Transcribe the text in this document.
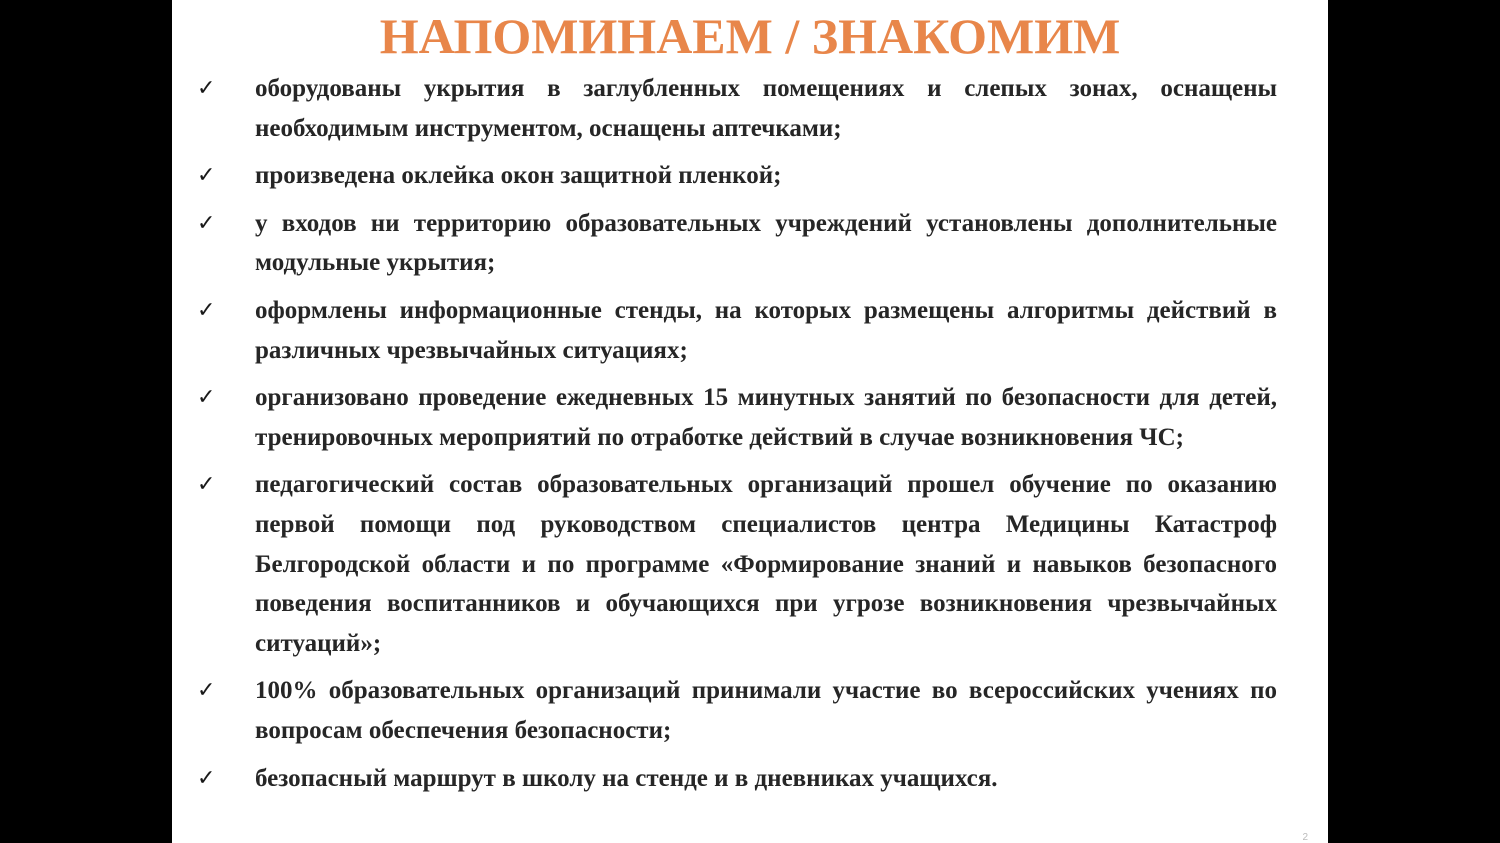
НАПОМИНАЕМ / ЗНАКОМИМ
✓ оборудованы укрытия в заглубленных помещениях и слепых зонах, оснащены необходимым инструментом, оснащены аптечками;
✓ произведена оклейка окон защитной пленкой;
✓ у входов ни территорию образовательных учреждений установлены дополнительные модульные укрытия;
✓ оформлены информационные стенды, на которых размещены алгоритмы действий в различных чрезвычайных ситуациях;
✓ организовано проведение ежедневных 15 минутных занятий по безопасности для детей, тренировочных мероприятий по отработке действий в случае возникновения ЧС;
✓ педагогический состав образовательных организаций прошел обучение по оказанию первой помощи под руководством специалистов центра Медицины Катастроф Белгородской области и по программе «Формирование знаний и навыков безопасного поведения воспитанников и обучающихся при угрозе возникновения чрезвычайных ситуаций»;
✓ 100% образовательных организаций принимали участие во всероссийских учениях по вопросам обеспечения безопасности;
✓ безопасный маршрут в школу на стенде и в дневниках учащихся.
2
